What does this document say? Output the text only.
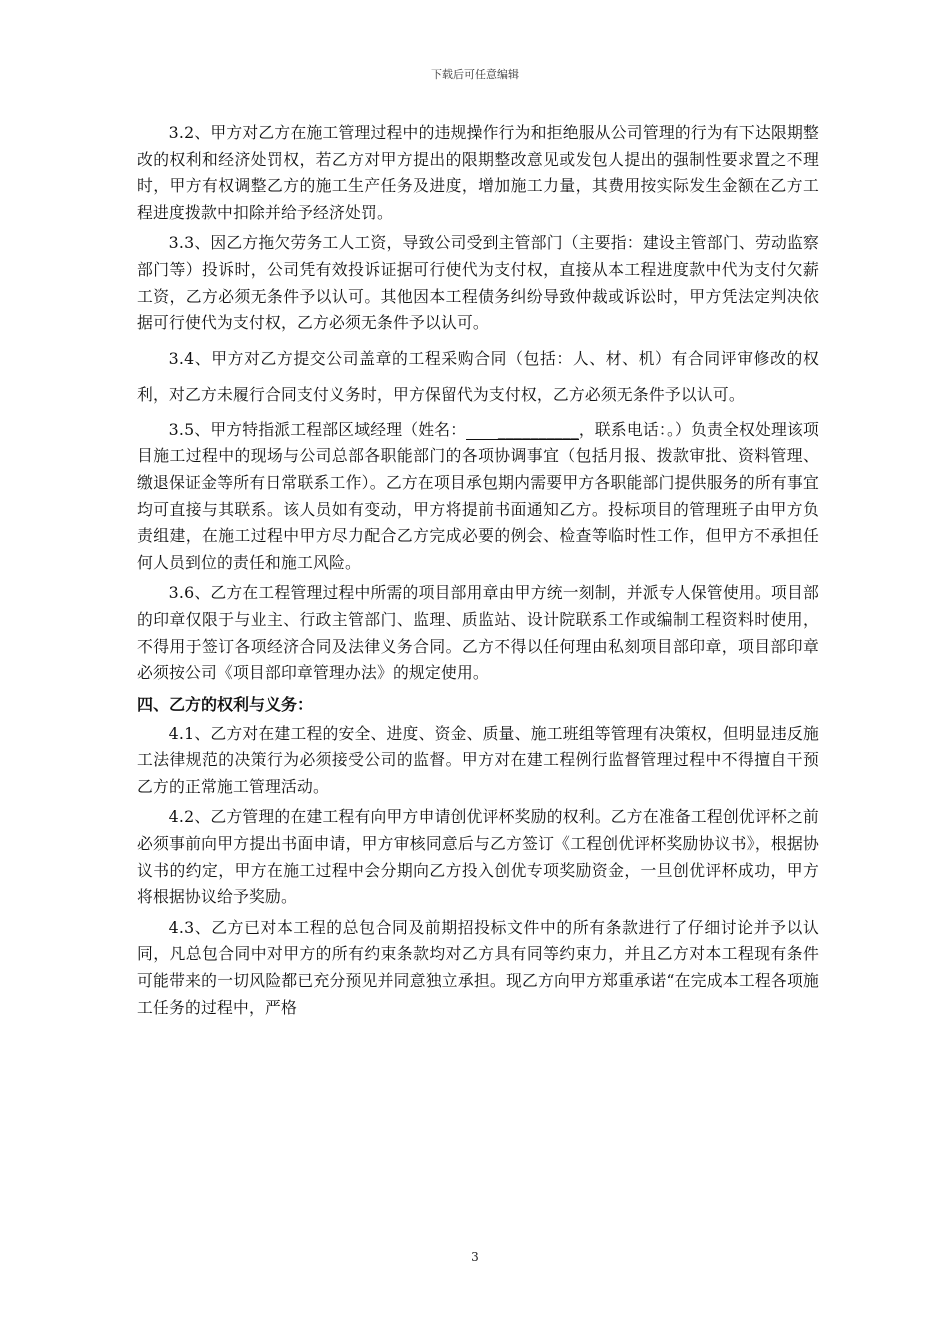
下载后可任意编辑

3.2、甲方对乙方在施工管理过程中的违规操作行为和拒绝服从公司管理的行为有下达限期整改的权利和经济处罚权，若乙方对甲方提出的限期整改意见或发包人提出的强制性要求置之不理时，甲方有权调整乙方的施工生产任务及进度，增加施工力量，其费用按实际发生金额在乙方工程进度拨款中扣除并给予经济处罚。

3.3、因乙方拖欠劳务工人工资，导致公司受到主管部门（主要指：建设主管部门、劳动监察部门等）投诉时，公司凭有效投诉证据可行使代为支付权，直接从本工程进度款中代为支付欠薪工资，乙方必须无条件予以认可。其他因本工程债务纠纷导致仲裁或诉讼时，甲方凭法定判决依据可行使代为支付权，乙方必须无条件予以认可。

3.4、甲方对乙方提交公司盖章的工程采购合同（包括：人、材、机）有合同评审修改的权利，对乙方未履行合同支付义务时，甲方保留代为支付权，乙方必须无条件予以认可。

3.5、甲方特指派工程部区域经理（姓名： __________，联系电话：。）负责全权处理该项目施工过程中的现场与公司总部各职能部门的各项协调事宜（包括月报、拨款审批、资料管理、缴退保证金等所有日常联系工作）。乙方在项目承包期内需要甲方各职能部门提供服务的所有事宜均可直接与其联系。该人员如有变动，甲方将提前书面通知乙方。投标项目的管理班子由甲方负责组建，在施工过程中甲方尽力配合乙方完成必要的例会、检查等临时性工作，但甲方不承担任何人员到位的责任和施工风险。

3.6、乙方在工程管理过程中所需的项目部用章由甲方统一刻制，并派专人保管使用。项目部的印章仅限于与业主、行政主管部门、监理、质监站、设计院联系工作或编制工程资料时使用，不得用于签订各项经济合同及法律义务合同。乙方不得以任何理由私刻项目部印章，项目部印章必须按公司《项目部印章管理办法》的规定使用。

四、乙方的权利与义务：

4.1、乙方对在建工程的安全、进度、资金、质量、施工班组等管理有决策权，但明显违反施工法律规范的决策行为必须接受公司的监督。甲方对在建工程例行监督管理过程中不得擅自干预乙方的正常施工管理活动。

4.2、乙方管理的在建工程有向甲方申请创优评杯奖励的权利。乙方在准备工程创优评杯之前必须事前向甲方提出书面申请，甲方审核同意后与乙方签订《工程创优评杯奖励协议书》，根据协议书的约定，甲方在施工过程中会分期向乙方投入创优专项奖励资金，一旦创优评杯成功，甲方将根据协议给予奖励。

4.3、乙方已对本工程的总包合同及前期招投标文件中的所有条款进行了仔细讨论并予以认同，凡总包合同中对甲方的所有约束条款均对乙方具有同等约束力，并且乙方对本工程现有条件可能带来的一切风险都已充分预见并同意独立承担。现乙方向甲方郑重承诺“在完成本工程各项施工任务的过程中，严格

3
